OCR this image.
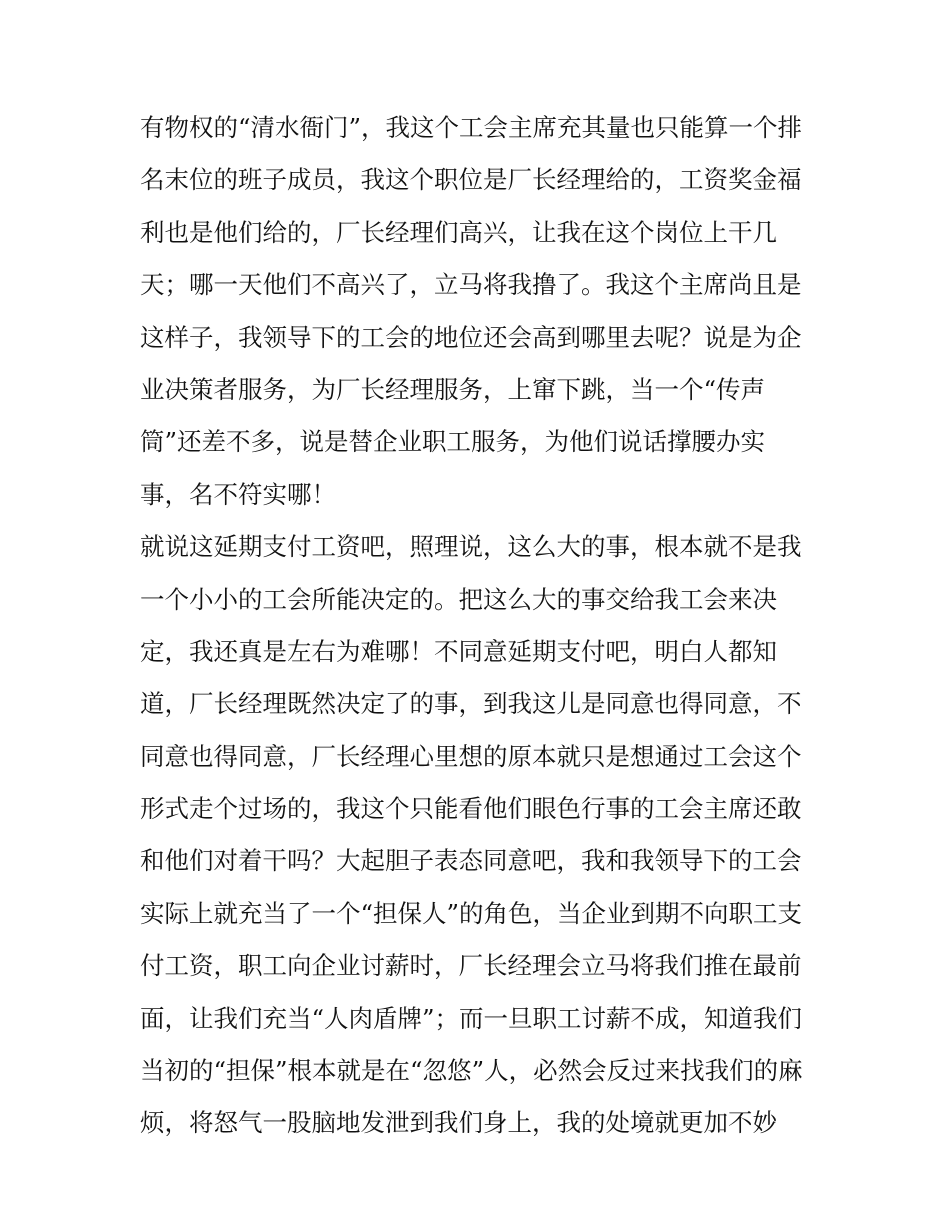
有物权的“清水衙门”，我这个工会主席充其量也只能算一个排
名末位的班子成员，我这个职位是厂长经理给的，工资奖金福
利也是他们给的，厂长经理们高兴，让我在这个岗位上干几
天；哪一天他们不高兴了，立马将我撸了。我这个主席尚且是
这样子，我领导下的工会的地位还会高到哪里去呢？说是为企
业决策者服务，为厂长经理服务，上窜下跳，当一个“传声
筒”还差不多，说是替企业职工服务，为他们说话撑腰办实
事，名不符实哪！
就说这延期支付工资吧，照理说，这么大的事，根本就不是我
一个小小的工会所能决定的。把这么大的事交给我工会来决
定，我还真是左右为难哪！不同意延期支付吧，明白人都知
道，厂长经理既然决定了的事，到我这儿是同意也得同意，不
同意也得同意，厂长经理心里想的原本就只是想通过工会这个
形式走个过场的，我这个只能看他们眼色行事的工会主席还敢
和他们对着干吗？大起胆子表态同意吧，我和我领导下的工会
实际上就充当了一个“担保人”的角色，当企业到期不向职工支
付工资，职工向企业讨薪时，厂长经理会立马将我们推在最前
面，让我们充当“人肉盾牌”；而一旦职工讨薪不成，知道我们
当初的“担保”根本就是在“忽悠”人，必然会反过来找我们的麻
烦，将怒气一股脑地发泄到我们身上，我的处境就更加不妙
